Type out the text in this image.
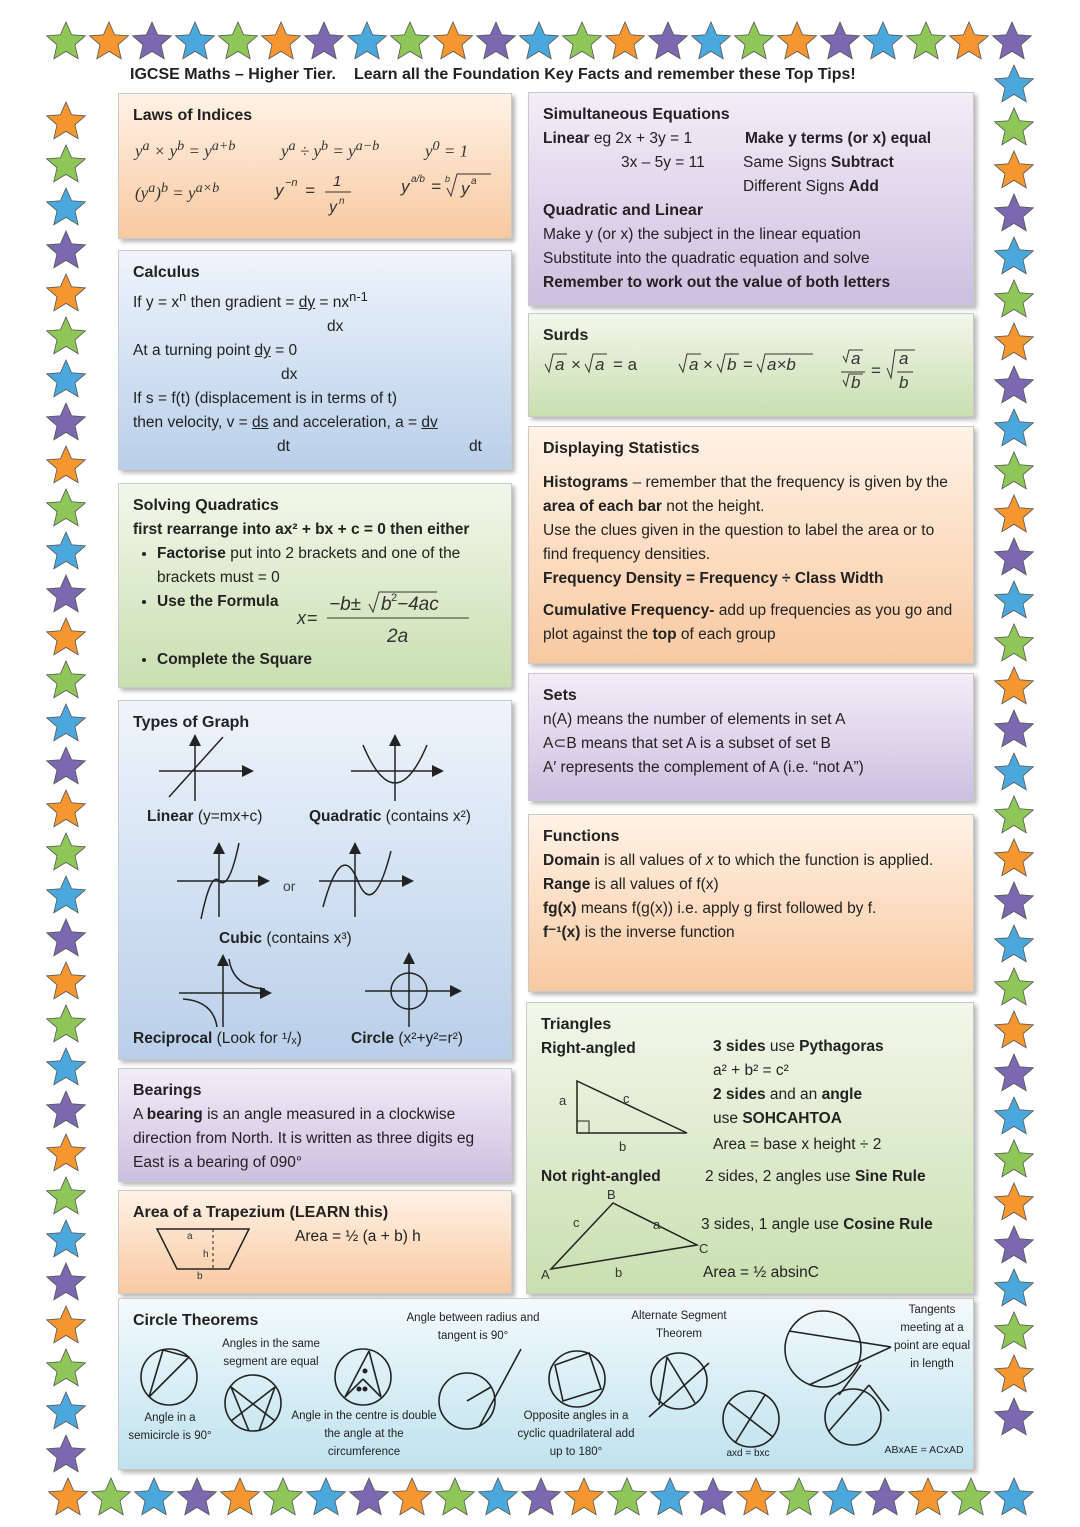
IGCSE Maths – Higher Tier. Learn all the Foundation Key Facts and remember these Top Tips!
Laws of Indices
$y^a \times y^b = y^{a+b}$	$y^a \div y^b = y^{a-b}$	$y^0 = 1$
$(y^a)^b = y^{a\times b}$	y −n = 1
y n
y a/b = b y a
Calculus
If $y = x^n$ then gradient = dy = $nx^{n-1}$
dx
At a turning point dy = 0
dx
If s = f(t) (displacement is in terms of t)
then velocity, v = ds and acceleration, a = dv
dt	dt
Solving Quadratics
first rearrange into ax² + bx + c = 0 then either
• Factorise put into 2 brackets and one of the brackets must = 0
• Use the Formula
• Complete the Square
x =
−b± b 2 −4ac
2a
Types of Graph
or
Linear (y=mx+c)	Quadratic (contains x²)
Cubic (contains x³)
Reciprocal (Look for ¹/ₓ)	Circle (x²+y²=r²)
Bearings
A bearing is an angle measured in a clockwise direction from North. It is written as three digits eg East is a bearing of 090°
Area of a Trapezium (LEARN this)
a
h
b
Area = ½ (a + b) h
Simultaneous Equations
Linear eg 2x + 3y = 1
3x – 5y = 11
Make y terms (or x) equal
Same Signs Subtract
Different Signs Add
Quadratic and Linear
Make y (or x) the subject in the linear equation
Substitute into the quadratic equation and solve
Remember to work out the value of both letters
Surds
a × a = a	a × b = a×b	a
b
=
a
b
Displaying Statistics
Histograms – remember that the frequency is given by the area of each bar not the height.
Use the clues given in the question to label the area or to find frequency densities.
Frequency Density = Frequency ÷ Class Width
Cumulative Frequency- add up frequencies as you go and plot against the top of each group
Sets
n(A) means the number of elements in set A
A⊂B means that set A is a subset of set B
A′ represents the complement of A (i.e. “not A”)
Functions
Domain is all values of x to which the function is applied.
Range is all values of f(x)
fg(x) means f(g(x)) i.e. apply g first followed by f.
f⁻¹(x) is the inverse function
Triangles
Right-angled
a	c
b
Not right-angled
A
B
C
c	a
b
3 sides use Pythagoras
a² + b² = c²
2 sides and an angle
use SOHCAHTOA
Area = base x height ÷ 2
2 sides, 2 angles use Sine Rule
3 sides, 1 angle use Cosine Rule
Area = ½ absinC
Circle Theorems
Angle in a semicircle is 90°
Angles in the same segment are equal
Angle in the centre is double the angle at the circumference
Angle between radius and tangent is 90°
Opposite angles in a cyclic quadrilateral add up to 180°
Alternate Segment Theorem
axd = bxc
Tangents meeting at a point are equal in length
ABxAE = ACxAD
